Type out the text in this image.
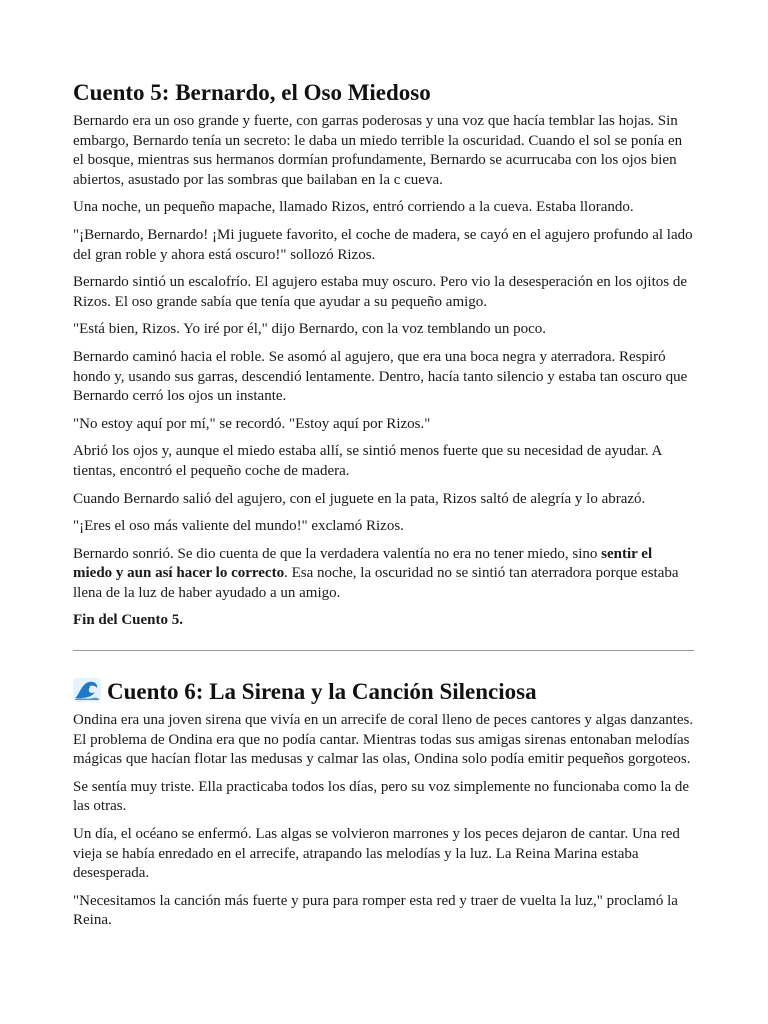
Cuento 5: Bernardo, el Oso Miedoso

Bernardo era un oso grande y fuerte, con garras poderosas y una voz que hacía temblar las hojas. Sin embargo, Bernardo tenía un secreto: le daba un miedo terrible la oscuridad. Cuando el sol se ponía en el bosque, mientras sus hermanos dormían profundamente, Bernardo se acurrucaba con los ojos bien abiertos, asustado por las sombras que bailaban en la c cueva.

Una noche, un pequeño mapache, llamado Rizos, entró corriendo a la cueva. Estaba llorando.

"¡Bernardo, Bernardo! ¡Mi juguete favorito, el coche de madera, se cayó en el agujero profundo al lado del gran roble y ahora está oscuro!" sollozó Rizos.

Bernardo sintió un escalofrío. El agujero estaba muy oscuro. Pero vio la desesperación en los ojitos de Rizos. El oso grande sabía que tenía que ayudar a su pequeño amigo.

"Está bien, Rizos. Yo iré por él," dijo Bernardo, con la voz temblando un poco.

Bernardo caminó hacia el roble. Se asomó al agujero, que era una boca negra y aterradora. Respiró hondo y, usando sus garras, descendió lentamente. Dentro, hacía tanto silencio y estaba tan oscuro que Bernardo cerró los ojos un instante.

"No estoy aquí por mí," se recordó. "Estoy aquí por Rizos."

Abrió los ojos y, aunque el miedo estaba allí, se sintió menos fuerte que su necesidad de ayudar. A tientas, encontró el pequeño coche de madera.

Cuando Bernardo salió del agujero, con el juguete en la pata, Rizos saltó de alegría y lo abrazó.

"¡Eres el oso más valiente del mundo!" exclamó Rizos.

Bernardo sonrió. Se dio cuenta de que la verdadera valentía no era no tener miedo, sino sentir el miedo y aun así hacer lo correcto. Esa noche, la oscuridad no se sintió tan aterradora porque estaba llena de la luz de haber ayudado a un amigo.

Fin del Cuento 5.

Cuento 6: La Sirena y la Canción Silenciosa

Ondina era una joven sirena que vivía en un arrecife de coral lleno de peces cantores y algas danzantes. El problema de Ondina era que no podía cantar. Mientras todas sus amigas sirenas entonaban melodías mágicas que hacían flotar las medusas y calmar las olas, Ondina solo podía emitir pequeños gorgoteos.

Se sentía muy triste. Ella practicaba todos los días, pero su voz simplemente no funcionaba como la de las otras.

Un día, el océano se enfermó. Las algas se volvieron marrones y los peces dejaron de cantar. Una red vieja se había enredado en el arrecife, atrapando las melodías y la luz. La Reina Marina estaba desesperada.

"Necesitamos la canción más fuerte y pura para romper esta red y traer de vuelta la luz," proclamó la Reina.
